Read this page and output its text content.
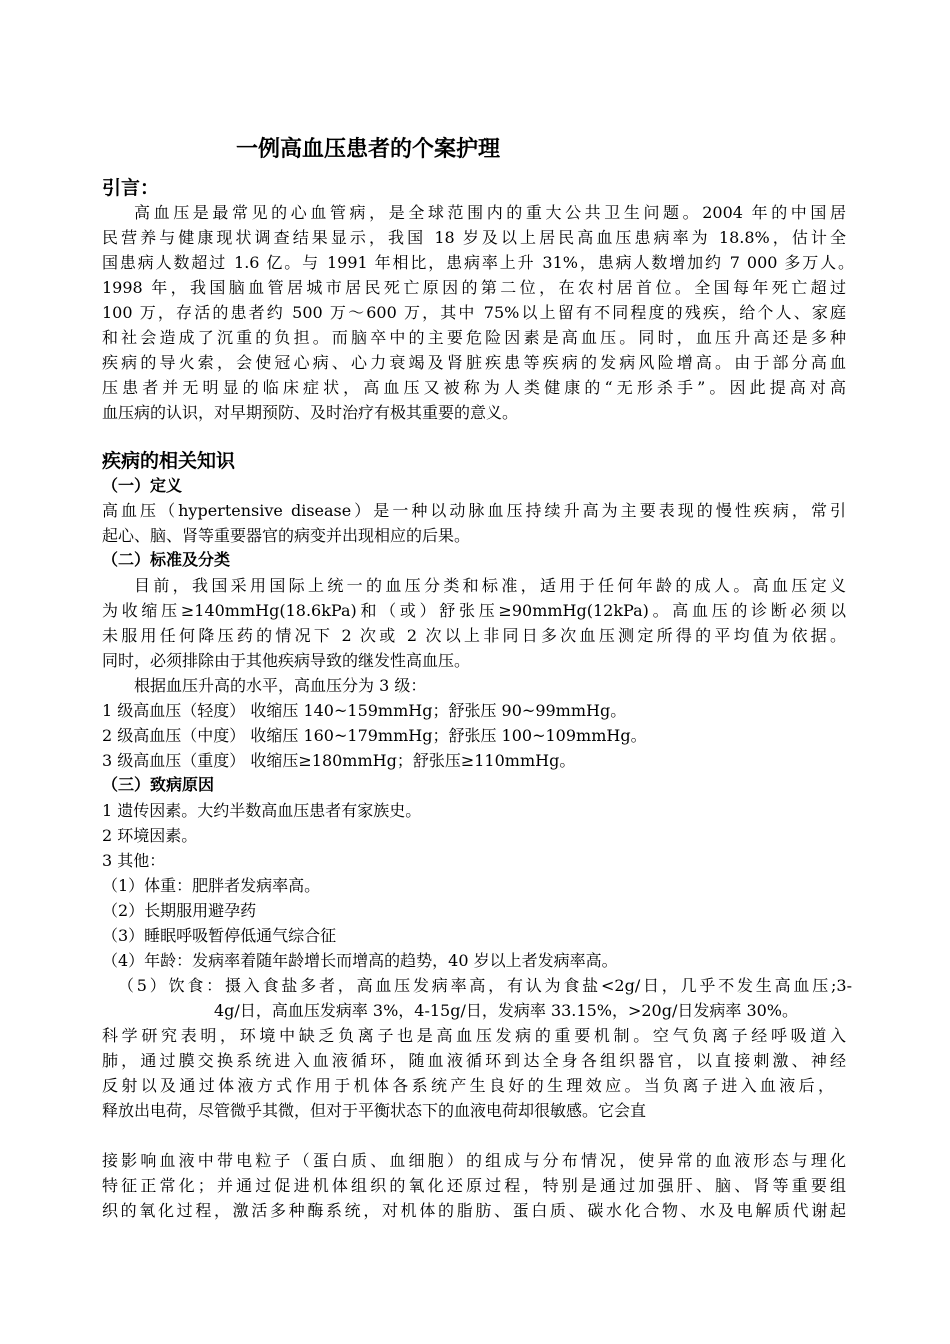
一例高血压患者的个案护理
引言：
高血压是最常见的心血管病，是全球范围内的重大公共卫生问题。2004 年的中国居
民营养与健康现状调查结果显示，我国 18 岁及以上居民高血压患病率为 18.8%，估计全
国患病人数超过 1.6 亿。与 1991 年相比，患病率上升 31%，患病人数增加约 7 000 多万人。
1998 年，我国脑血管居城市居民死亡原因的第二位，在农村居首位。全国每年死亡超过
100 万，存活的患者约 500 万～600 万，其中 75%以上留有不同程度的残疾，给个人、家庭
和社会造成了沉重的负担。而脑卒中的主要危险因素是高血压。同时，血压升高还是多种
疾病的导火索，会使冠心病、心力衰竭及肾脏疾患等疾病的发病风险增高。由于部分高血
压患者并无明显的临床症状，高血压又被称为人类健康的“无形杀手”。因此提高对高
血压病的认识，对早期预防、及时治疗有极其重要的意义。
疾病的相关知识
（一）定义
高血压（hypertensive disease）是一种以动脉血压持续升高为主要表现的慢性疾病，常引
起心、脑、肾等重要器官的病变并出现相应的后果。
（二）标准及分类
目前，我国采用国际上统一的血压分类和标准，适用于任何年龄的成人。高血压定义
为收缩压≥140mmHg(18.6kPa)和（或）舒张压≥90mmHg(12kPa)。高血压的诊断必须以
未服用任何降压药的情况下 2 次或 2 次以上非同日多次血压测定所得的平均值为依据。
同时，必须排除由于其他疾病导致的继发性高血压。
根据血压升高的水平，高血压分为 3 级：
1 级高血压（轻度） 收缩压 140~159mmHg；舒张压 90~99mmHg。
2 级高血压（中度） 收缩压 160~179mmHg；舒张压 100~109mmHg。
3 级高血压（重度） 收缩压≥180mmHg；舒张压≥110mmHg。
（三）致病原因
1 遗传因素。大约半数高血压患者有家族史。
2 环境因素。
3 其他：
（1）体重：肥胖者发病率高。
（2）长期服用避孕药
（3）睡眠呼吸暂停低通气综合征
（4）年龄：发病率着随年龄增长而增高的趋势，40 岁以上者发病率高。
（5）饮食：摄入食盐多者，高血压发病率高，有认为食盐<2g/日，几乎不发生高血压;3-
4g/日，高血压发病率 3%，4-15g/日，发病率 33.15%，>20g/日发病率 30%。
科学研究表明，环境中缺乏负离子也是高血压发病的重要机制。空气负离子经呼吸道入
肺，通过膜交换系统进入血液循环，随血液循环到达全身各组织器官，以直接刺激、神经
反射以及通过体液方式作用于机体各系统产生良好的生理效应。当负离子进入血液后，
释放出电荷，尽管微乎其微，但对于平衡状态下的血液电荷却很敏感。它会直
接影响血液中带电粒子（蛋白质、血细胞）的组成与分布情况，使异常的血液形态与理化
特征正常化；并通过促进机体组织的氧化还原过程，特别是通过加强肝、脑、肾等重要组
织的氧化过程，激活多种酶系统，对机体的脂肪、蛋白质、碳水化合物、水及电解质代谢起
